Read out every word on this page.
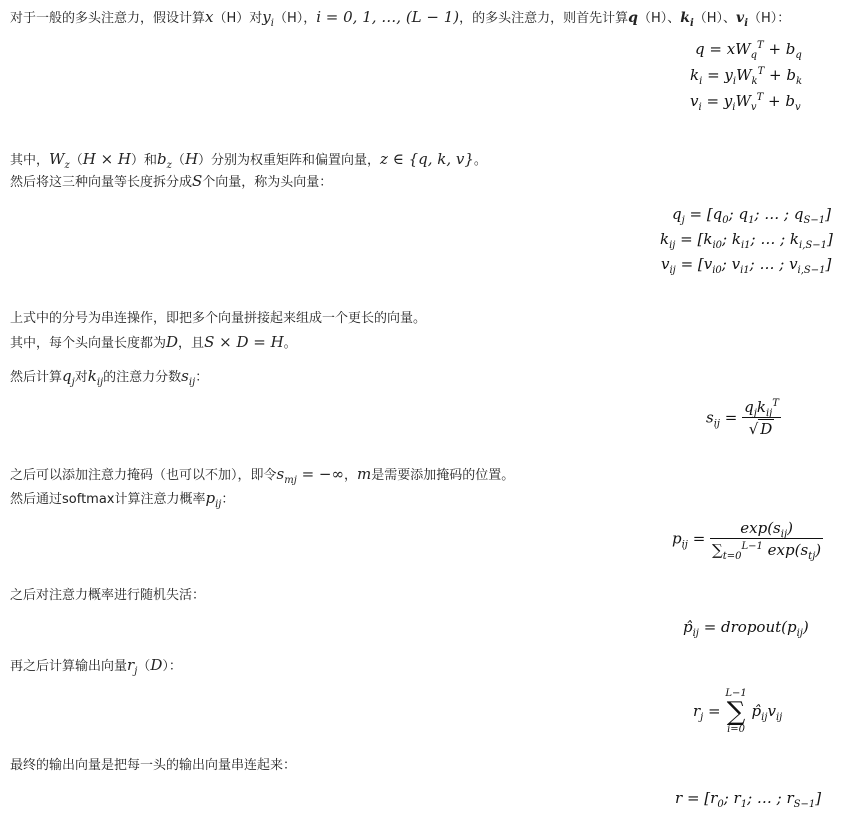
对于一般的多头注意力，假设计算x（H）对$y_i(H)$，i = 0, 1, …, (L − 1)，的多头注意力，则首先计算q（H）、$k_i(H)$、$v_i(H)$：
$q = xW_q^T + b_q$
$k_i = y_iW_k^T + b_k$
$v_i = y_iW_v^T + b_v$
其中，$W_z(H \times H)$和$b_z(H)$分别为权重矩阵和偏置向量，z ∈ {q, k, v}。
然后将这三种向量等长度拆分成S个向量，称为头向量：
$q_j = [q_0$; $q_1$; … ; $q_{S-1}$]
$k_{ij} = [k_{i0}$; $k_{i1}$; … ; $k_{i,S-1}$]
$v_{ij} = [v_{i0}$; $v_{i1}$; … ; $v_{i,S-1}$]
上式中的分号为串连操作，即把多个向量拼接起来组成一个更长的向量。
其中，每个头向量长度都为D，且S × D = H。
然后计算$q_j$对$k_{ij}$的注意力分数$s_{ij}$：
$s_{ij} = \frac{q_jk_{ij}^T}{√ D}$
之后可以添加注意力掩码（也可以不加），即令$s_{mj}$ = −∞，m是需要添加掩码的位置。
然后通过softmax计算注意力概率$p_{ij}$：
$p_{ij} = \frac{\exp(s_{ij})}{\sum_{t=0}^{L-1} \exp(s_{tj})}$
之后对注意力概率进行随机失活：
$p̂_{ij}$ = $dropout(p_{ij})$
再之后计算输出向量$r_j(D)$：
$r_j$ =
L−1
∑
i=0
$p̂_{ij}v_{ij}$
最终的输出向量是把每一头的输出向量串连起来：
$r = [r_0$; $r_1$; … ; $r_{S-1}$]
